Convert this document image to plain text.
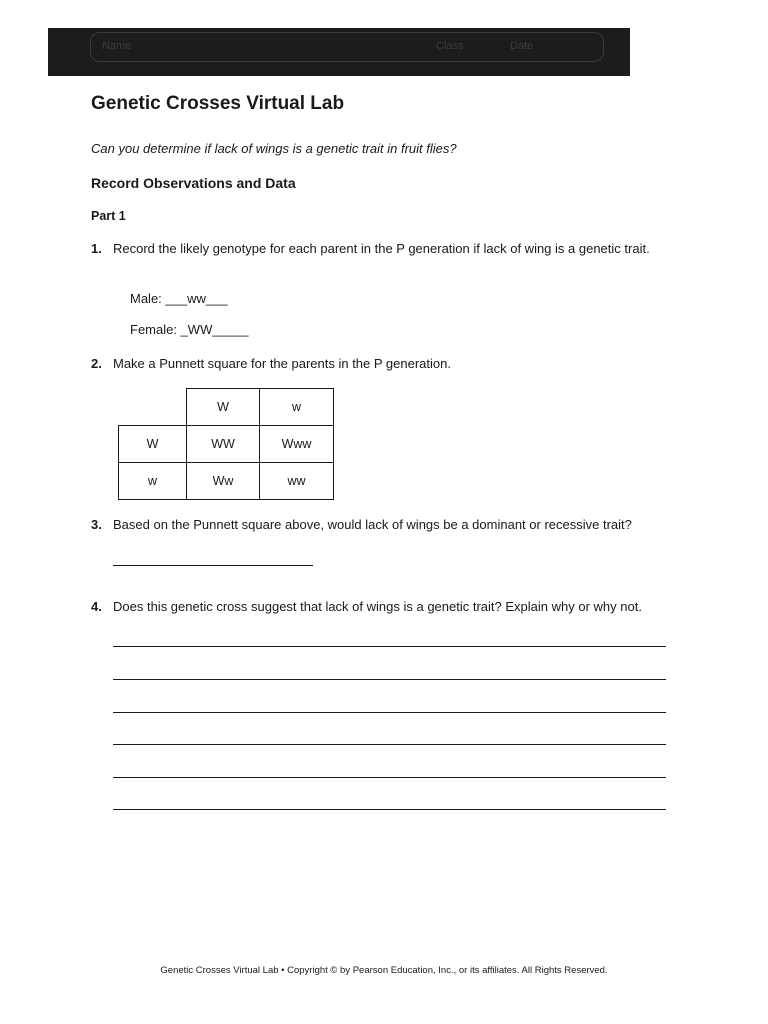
Name	Class	Date
Genetic Crosses Virtual Lab
Can you determine if lack of wings is a genetic trait in fruit flies?
Record Observations and Data
Part 1
1. Record the likely genotype for each parent in the P generation if lack of wing is a genetic trait.
Male: ___ww___
Female: _WW_____
2. Make a Punnett square for the parents in the P generation.
	W	w
W	WW	Www
w	Ww	ww
3. Based on the Punnett square above, would lack of wings be a dominant or recessive trait?
4. Does this genetic cross suggest that lack of wings is a genetic trait? Explain why or why not.
Genetic Crosses Virtual Lab • Copyright © by Pearson Education, Inc., or its affiliates. All Rights Reserved.
